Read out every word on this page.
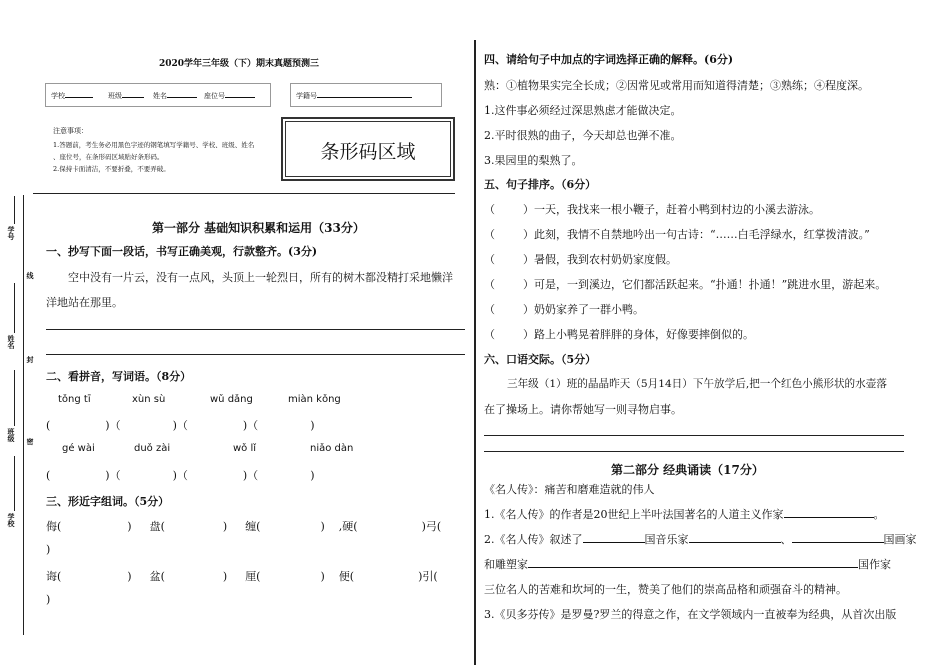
学号
线
姓名
封
班级 密
学校
2020学年三年级（下）期末真题预测三
学校	班级	姓名	座位号	学籍号
注意事项：
1.答题前，考生务必用黑色字迹的钢笔填写学籍号、学校、班级、姓名
、座位号，在条形码区域贴好条形码。
2.保持卡面清洁，不要折叠，不要弄破。
条形码区域
第一部分 基础知识积累和运用（33分）
一、抄写下面一段话，书写正确美观，行款整齐。(3分)
空中没有一片云，没有一点风，头顶上一轮烈日，所有的树木都没精打采地懒洋
洋地站在那里。
二、看拼音，写词语。（8分）
tǒng tī	xùn sù	wǔ dǎng	miàn kǒng
(	)（	)（	)（	)
gé wài	duǒ zài	wǒ lǐ	niǎo dàn
(	)（	)（	)（	)
三、形近字组词。（5分）
侮(	) 盘(	) 缠(	) ,硬(	)弓(
)
诲(	) 盆(	) 厘(	) 便(	)引(
)
四、请给句子中加点的字词选择正确的解释。(6分)
熟：①植物果实完全长成；②因常见或常用而知道得清楚；③熟练；④程度深。
1.这件事必须经过深思熟虑才能做决定。
2.平时很熟的曲子，今天却总也弹不准。
3.果园里的梨熟了。
五、句子排序。（6分）
（	）一天，我找来一根小鞭子，赶着小鸭到村边的小溪去游泳。
（	）此刻，我情不自禁地吟出一句古诗：“……白毛浮绿水，红掌拨清波。”
（	）暑假，我到农村奶奶家度假。
（	）可是，一到溪边，它们都活跃起来。“扑通！扑通！”跳进水里，游起来。
（	）奶奶家养了一群小鸭。
（	）路上小鸭晃着胖胖的身体，好像要摔倒似的。
六、口语交际。（5分）
三年级（1）班的晶晶昨天（5月14日）下午放学后,把一个红色小熊形状的水壶落
在了操场上。请你帮她写一则寻物启事。
第二部分 经典诵读（17分）
《名人传》：痛苦和磨难造就的伟人
1.《名人传》的作者是20世纪上半叶法国著名的人道主义作家	。
2.《名人传》叙述了	国音乐家	、	国画家
和雕塑家	国作家
三位名人的苦难和坎坷的一生，赞美了他们的崇高品格和顽强奋斗的精神。
3.《贝多芬传》是罗曼?罗兰的得意之作，在文学领域内一直被奉为经典，从首次出版
